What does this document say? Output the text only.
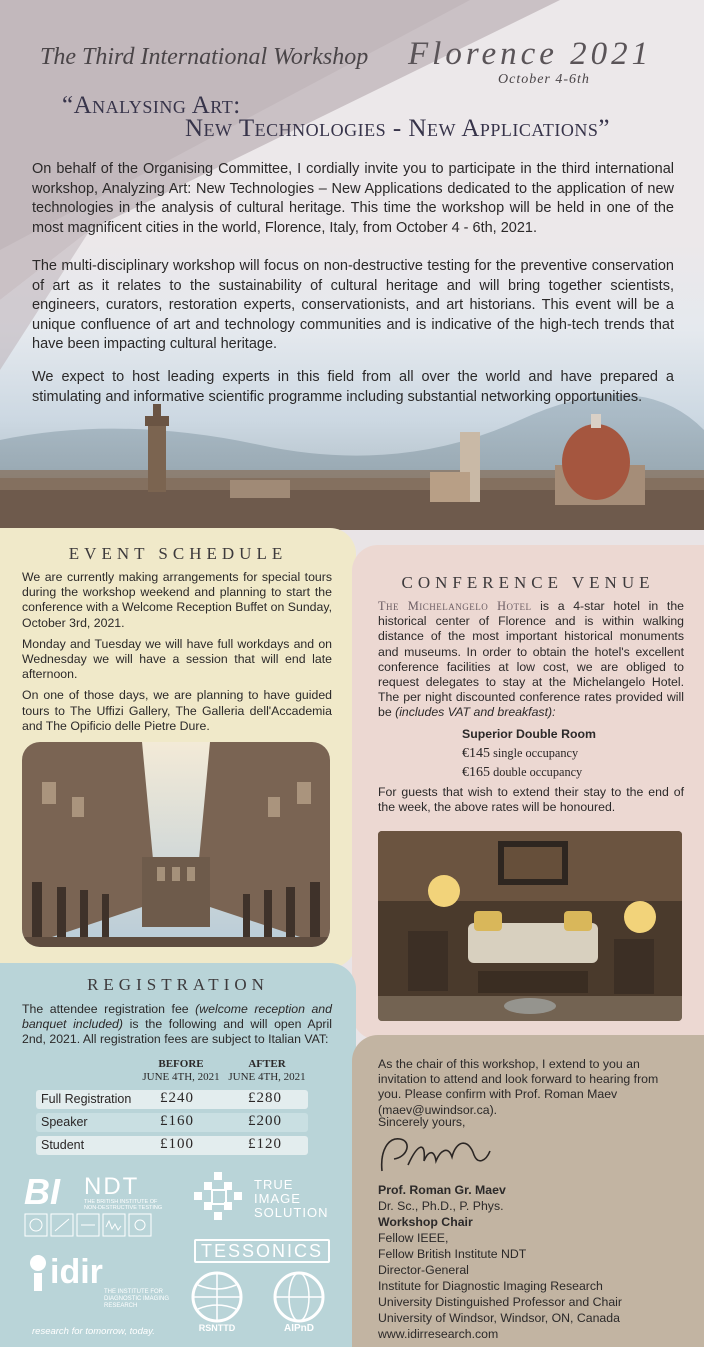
The Third International Workshop Florence 2021
October 4-6th
“Analysing Art:
New Technologies - New Applications”

On behalf of the Organising Committee, I cordially invite you to participate in the third international workshop, Analyzing Art: New Technologies – New Applications dedicated to the application of new technologies in the analysis of cultural heritage. This time the workshop will be held in one of the most magnificent cities in the world, Florence, Italy, from October 4 - 6th, 2021.

The multi-disciplinary workshop will focus on non-destructive testing for the preventive conservation of art as it relates to the sustainability of cultural heritage and will bring together scientists, engineers, curators, restoration experts, conservationists, and art historians. This event will be a unique confluence of art and technology communities and is indicative of the high-tech trends that have been impacting cultural heritage.

We expect to host leading experts in this field from all over the world and have prepared a stimulating and informative scientific programme including substantial networking opportunities.

EVENT SCHEDULE

We are currently making arrangements for special tours during the workshop weekend and planning to start the conference with a Welcome Reception Buffet on Sunday, October 3rd, 2021.

Monday and Tuesday we will have full workdays and on Wednesday we will have a session that will end late afternoon.

On one of those days, we are planning to have guided tours to The Uffizi Gallery, The Galleria dell'Accademia and The Opificio delle Pietre Dure.

CONFERENCE VENUE
The Michelangelo Hotel is a 4-star hotel in the historical center of Florence and is within walking distance of the most important historical monuments and museums. In order to obtain the hotel's excellent conference facilities at low cost, we are obliged to request delegates to stay at the Michelangelo Hotel. The per night discounted conference rates provided will be (includes VAT and breakfast):
Superior Double Room
€145 single occupancy
€165 double occupancy
For guests that wish to extend their stay to the end of the week, the above rates will be honoured.
REGISTRATION
The attendee registration fee (welcome reception and banquet included) is the following and will open April 2nd, 2021. All registration fees are subject to Italian VAT:
BEFORE
JUNE 4TH, 2021
AFTER
JUNE 4TH, 2021
Full Registration £240	£280
Speaker	£160	£200
Student	£100	£120
BI NDT
THE BRITISH INSTITUTE OF NON-DESTRUCTIVE TESTING
TRUE IMAGE SOLUTION
TESSONICS
idir
THE INSTITUTE FOR DIAGNOSTIC IMAGING RESEARCH
research for tomorrow, today.	RSNTTD	AIPnD
As the chair of this workshop, I extend to you an invitation to attend and look forward to hearing from you. Please confirm with Prof. Roman Maev (maev@uwindsor.ca).
Sincerely yours,
Prof. Roman Gr. Maev
Dr. Sc., Ph.D., P. Phys.
Workshop Chair
Fellow IEEE,
Fellow British Institute NDT
Director-General
Institute for Diagnostic Imaging Research
University Distinguished Professor and Chair
University of Windsor, Windsor, ON, Canada
www.idirresearch.com
